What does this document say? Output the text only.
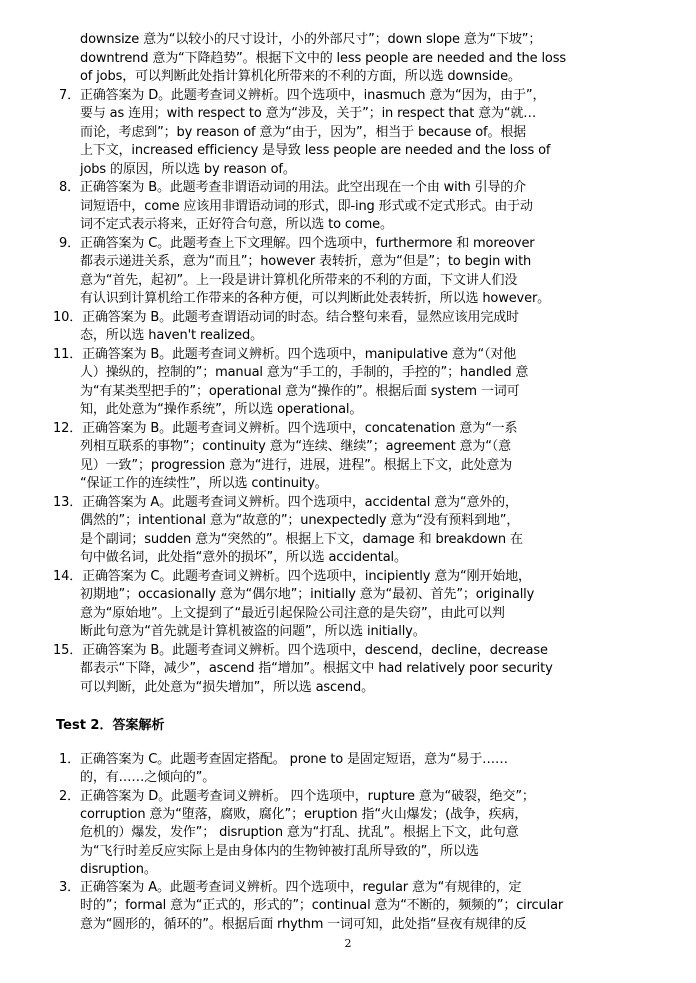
downsize 意为“以较小的尺寸设计，小的外部尺寸”；down slope 意为“下坡”；
downtrend 意为“下降趋势”。根据下文中的 less people are needed and the loss
of jobs，可以判断此处指计算机化所带来的不利的方面，所以选 downside。
7．正确答案为 D。此题考查词义辨析。四个选项中，inasmuch 意为“因为，由于”，
要与 as 连用；with respect to 意为“涉及，关于”；in respect that 意为“就…
而论，考虑到”；by reason of 意为“由于，因为”，相当于 because of。根据
上下文，increased efficiency 是导致 less people are needed and the loss of
jobs 的原因，所以选 by reason of。
8．正确答案为 B。此题考查非谓语动词的用法。此空出现在一个由 with 引导的介
词短语中，come 应该用非谓语动词的形式，即-ing 形式或不定式形式。由于动
词不定式表示将来，正好符合句意，所以选 to come。
9．正确答案为 C。此题考查上下文理解。四个选项中，furthermore 和 moreover
都表示递进关系，意为“而且”；however 表转折，意为“但是”；to begin with
意为“首先，起初”。上一段是讲计算机化所带来的不利的方面，下文讲人们没
有认识到计算机给工作带来的各种方便，可以判断此处表转折，所以选 however。
10．正确答案为 B。此题考查谓语动词的时态。结合整句来看，显然应该用完成时
态，所以选 haven't realized。
11．正确答案为 B。此题考查词义辨析。四个选项中，manipulative 意为“（对他
人）操纵的，控制的”；manual 意为“手工的，手制的，手控的”；handled 意
为“有某类型把手的”；operational 意为“操作的”。根据后面 system 一词可
知，此处意为“操作系统”，所以选 operational。
12．正确答案为 B。此题考查词义辨析。四个选项中，concatenation 意为“一系
列相互联系的事物”；continuity 意为“连续、继续”；agreement 意为“（意
见）一致”；progression 意为“进行，进展，进程”。根据上下文，此处意为
“保证工作的连续性”，所以选 continuity。
13．正确答案为 A。此题考查词义辨析。四个选项中，accidental 意为“意外的，
偶然的”；intentional 意为“故意的”；unexpectedly 意为“没有预料到地”，
是个副词；sudden 意为“突然的”。根据上下文，damage 和 breakdown 在
句中做名词，此处指“意外的损坏”，所以选 accidental。
14．正确答案为 C。此题考查词义辨析。四个选项中，incipiently 意为“刚开始地，
初期地”；occasionally 意为“偶尔地”；initially 意为“最初、首先”；originally
意为“原始地”。上文提到了“最近引起保险公司注意的是失窃”，由此可以判
断此句意为“首先就是计算机被盗的问题”，所以选 initially。
15．正确答案为 B。此题考查词义辨析。四个选项中，descend，decline，decrease
都表示“下降，减少”，ascend 指“增加”。根据文中 had relatively poor security
可以判断，此处意为“损失增加”，所以选 ascend。
Test 2．答案解析
1．正确答案为 C。此题考查固定搭配。 prone to 是固定短语，意为“易于……
的，有……之倾向的”。
2．正确答案为 D。此题考查词义辨析。 四个选项中，rupture 意为“破裂，绝交”；
corruption 意为“堕落，腐败，腐化”；eruption 指“火山爆发；(战争，疾病，
危机的）爆发，发作”； disruption 意为“打乱、扰乱”。根据上下文，此句意
为“飞行时差反应实际上是由身体内的生物钟被打乱所导致的”，所以选
disruption。
3．正确答案为 A。此题考查词义辨析。四个选项中，regular 意为“有规律的，定
时的”；formal 意为“正式的，形式的”；continual 意为“不断的，频频的”；circular
意为“圆形的，循环的”。根据后面 rhythm 一词可知，此处指“昼夜有规律的反
2
